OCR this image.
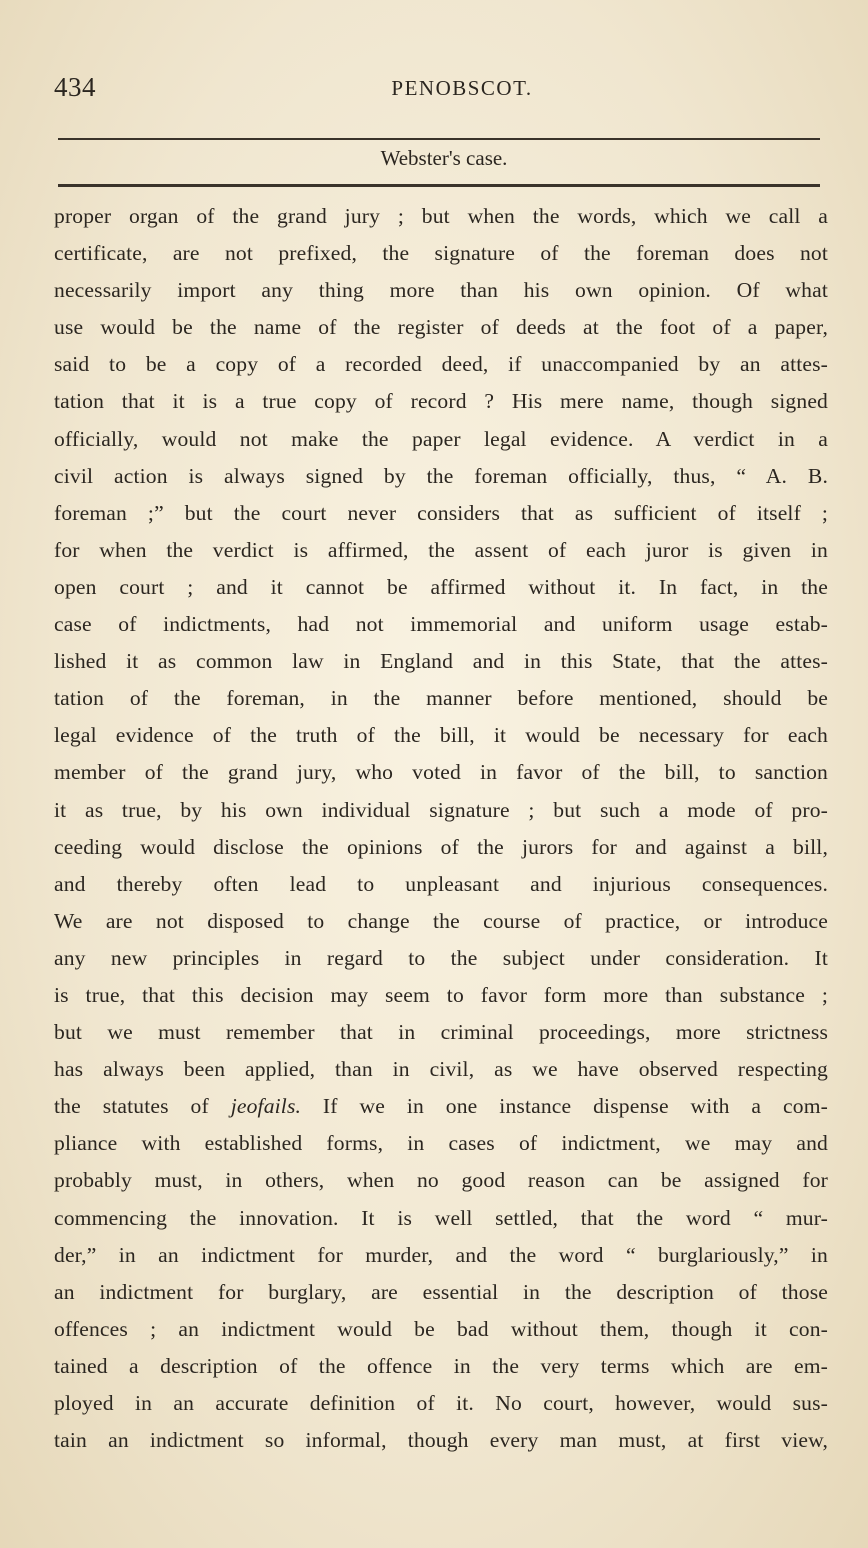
434	PENOBSCOT.
Webster's case.
proper organ of the grand jury ; but when the words, which we call a
certificate, are not prefixed, the signature of the foreman does not
necessarily import any thing more than his own opinion. Of what
use would be the name of the register of deeds at the foot of a paper,
said to be a copy of a recorded deed, if unaccompanied by an attes-
tation that it is a true copy of record ? His mere name, though signed
officially, would not make the paper legal evidence. A verdict in a
civil action is always signed by the foreman officially, thus, “ A. B.
foreman ;” but the court never considers that as sufficient of itself ;
for when the verdict is affirmed, the assent of each juror is given in
open court ; and it cannot be affirmed without it. In fact, in the
case of indictments, had not immemorial and uniform usage estab-
lished it as common law in England and in this State, that the attes-
tation of the foreman, in the manner before mentioned, should be
legal evidence of the truth of the bill, it would be necessary for each
member of the grand jury, who voted in favor of the bill, to sanction
it as true, by his own individual signature ; but such a mode of pro-
ceeding would disclose the opinions of the jurors for and against a bill,
and thereby often lead to unpleasant and injurious consequences.
We are not disposed to change the course of practice, or introduce
any new principles in regard to the subject under consideration. It
is true, that this decision may seem to favor form more than substance ;
but we must remember that in criminal proceedings, more strictness
has always been applied, than in civil, as we have observed respecting
the statutes of jeofails. If we in one instance dispense with a com-
pliance with established forms, in cases of indictment, we may and
probably must, in others, when no good reason can be assigned for
commencing the innovation. It is well settled, that the word “ mur-
der,” in an indictment for murder, and the word “ burglariously,” in
an indictment for burglary, are essential in the description of those
offences ; an indictment would be bad without them, though it con-
tained a description of the offence in the very terms which are em-
ployed in an accurate definition of it. No court, however, would sus-
tain an indictment so informal, though every man must, at first view,
